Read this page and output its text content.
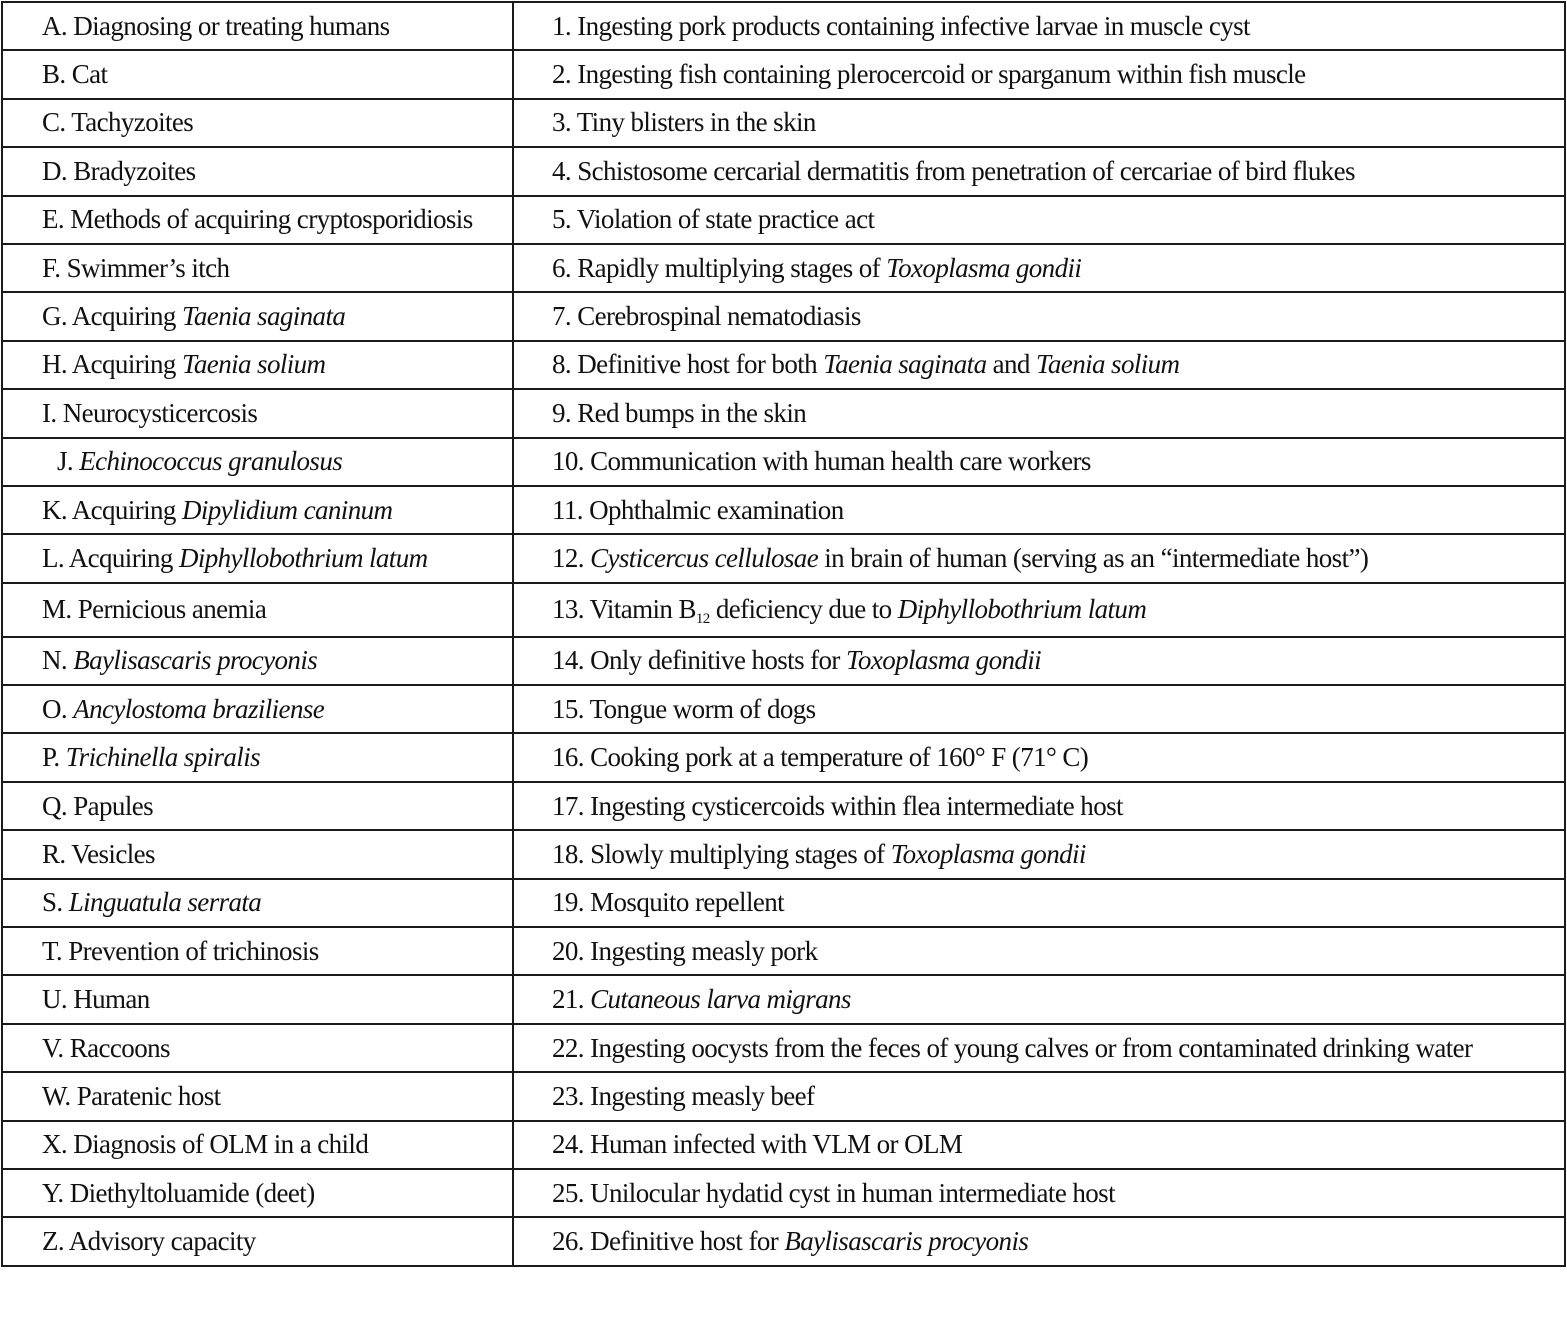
A. Diagnosing or treating humans	1. Ingesting pork products containing infective larvae in muscle cyst
B. Cat	2. Ingesting fish containing plerocercoid or sparganum within fish muscle
C. Tachyzoites	3. Tiny blisters in the skin
D. Bradyzoites	4. Schistosome cercarial dermatitis from penetration of cercariae of bird flukes
E. Methods of acquiring cryptosporidiosis	5. Violation of state practice act
F. Swimmer’s itch	6. Rapidly multiplying stages of Toxoplasma gondii
G. Acquiring Taenia saginata	7. Cerebrospinal nematodiasis
H. Acquiring Taenia solium	8. Definitive host for both Taenia saginata and Taenia solium
I. Neurocysticercosis	9. Red bumps in the skin
J. Echinococcus granulosus	10. Communication with human health care workers
K. Acquiring Dipylidium caninum	11. Ophthalmic examination
L. Acquiring Diphyllobothrium latum	12. Cysticercus cellulosae in brain of human (serving as an “intermediate host”)
M. Pernicious anemia	13. Vitamin $B_{12}$ deficiency due to Diphyllobothrium latum
N. Baylisascaris procyonis	14. Only definitive hosts for Toxoplasma gondii
O. Ancylostoma braziliense	15. Tongue worm of dogs
P. Trichinella spiralis	16. Cooking pork at a temperature of 160° F (71° C)
Q. Papules	17. Ingesting cysticercoids within flea intermediate host
R. Vesicles	18. Slowly multiplying stages of Toxoplasma gondii
S. Linguatula serrata	19. Mosquito repellent
T. Prevention of trichinosis	20. Ingesting measly pork
U. Human	21. Cutaneous larva migrans
V. Raccoons	22. Ingesting oocysts from the feces of young calves or from contaminated drinking water
W. Paratenic host	23. Ingesting measly beef
X. Diagnosis of OLM in a child	24. Human infected with VLM or OLM
Y. Diethyltoluamide (deet)	25. Unilocular hydatid cyst in human intermediate host
Z. Advisory capacity	26. Definitive host for Baylisascaris procyonis
